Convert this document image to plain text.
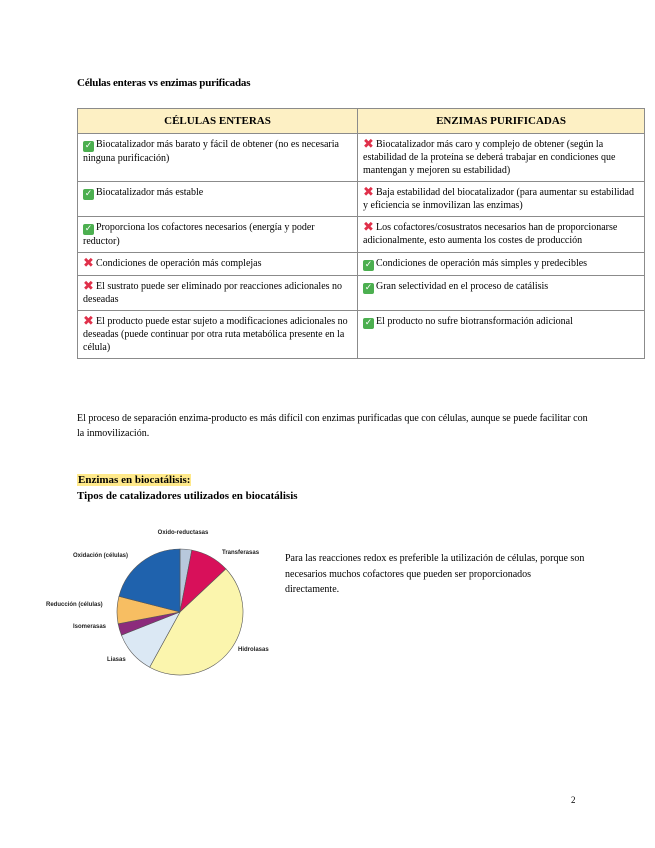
Células enteras vs enzimas purificadas
CÉLULAS ENTERAS	ENZIMAS PURIFICADAS
✓ Biocatalizador más barato y fácil de obtener (no es necesaria ninguna purificación)	✖ Biocatalizador más caro y complejo de obtener (según la estabilidad de la proteína se deberá trabajar en condiciones que mantengan y mejoren su estabilidad)
✓ Biocatalizador más estable	✖ Baja estabilidad del biocatalizador (para aumentar su estabilidad y eficiencia se inmovilizan las enzimas)
✓ Proporciona los cofactores necesarios (energía y poder reductor)	✖ Los cofactores/cosustratos necesarios han de proporcionarse adicionalmente, esto aumenta los costes de producción
✖ Condiciones de operación más complejas	✓ Condiciones de operación más simples y predecibles
✖ El sustrato puede ser eliminado por reacciones adicionales no deseadas	✓ Gran selectividad en el proceso de catálisis
✖ El producto puede estar sujeto a modificaciones adicionales no deseadas (puede continuar por otra ruta metabólica presente en la célula)	✓ El producto no sufre biotransformación adicional
El proceso de separación enzima-producto es más difícil con enzimas purificadas que con células, aunque se puede facilitar con la inmovilización.
Enzimas en biocatálisis:
Tipos de catalizadores utilizados en biocatálisis
Oxido-reductasas
Transferasas
Hidrolasas
Liasas
Isomerasas
Reducción (células)
Oxidación (células)	Para las reacciones redox es preferible la utilización de células, porque son necesarios muchos cofactores que pueden ser proporcionados directamente.
2
